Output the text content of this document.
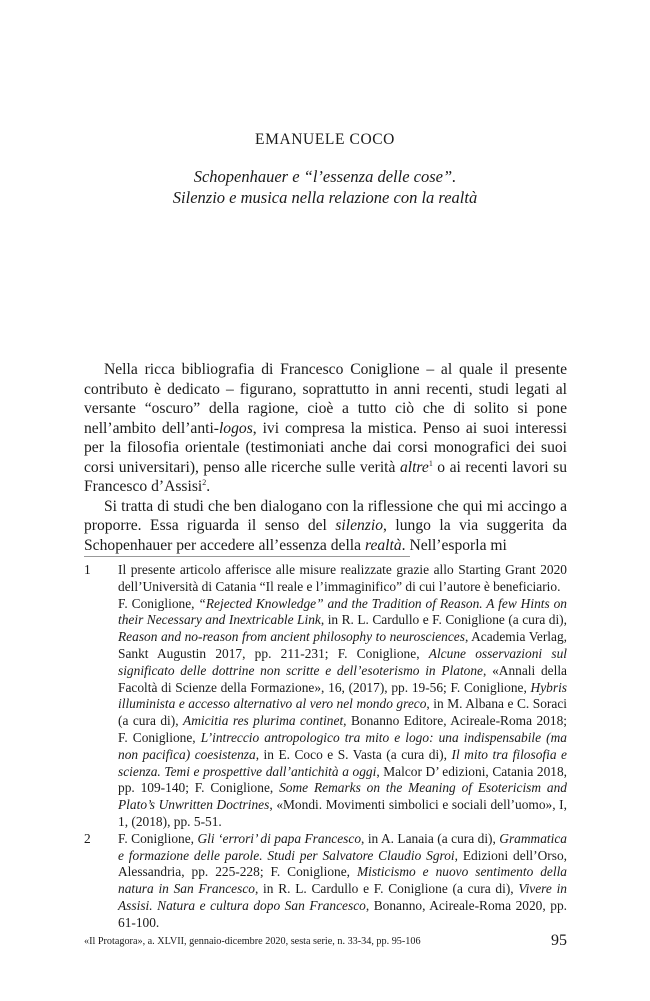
EMANUELE COCO
Schopenhauer e “l’essenza delle cose”.
Silenzio e musica nella relazione con la realtà

Nella ricca bibliografia di Francesco Coniglione – al quale il presente contributo è dedicato – figurano, soprattutto in anni recenti, studi legati al versante “oscuro” della ragione, cioè a tutto ciò che di solito si pone nell’ambito dell’anti-logos, ivi compresa la mistica. Penso ai suoi interessi per la filosofia orientale (testimoniati anche dai corsi monografici dei suoi corsi universitari), penso alle ricerche sulle verità altre$^1$ o ai recenti lavori su Francesco d’Assisi$^2$.

Si tratta di studi che ben dialogano con la riflessione che qui mi accingo a proporre. Essa riguarda il senso del silenzio, lungo la via suggerita da Schopenhauer per accedere all’essenza della realtà. Nell’esporla mi

1	Il presente articolo afferisce alle misure realizzate grazie allo Starting Grant 2020 dell’Università di Catania “Il reale e l’immaginifico” di cui l’autore è beneficiario.

F. Coniglione, “Rejected Knowledge” and the Tradition of Reason. A few Hints on their Necessary and Inextricable Link, in R. L. Cardullo e F. Coniglione (a cura di), Reason and no-reason from ancient philosophy to neurosciences, Academia Verlag, Sankt Augustin 2017, pp. 211-231; F. Coniglione, Alcune osservazioni sul significato delle dottrine non scritte e dell’esoterismo in Platone, «Annali della Facoltà di Scienze della Formazione», 16, (2017), pp. 19-56; F. Coniglione, Hybris illuminista e accesso alternativo al vero nel mondo greco, in M. Albana e C. Soraci (a cura di), Amicitia res plurima continet, Bonanno Editore, Acireale-Roma 2018; F. Coniglione, L’intreccio antropologico tra mito e logo: una indispensabile (ma non pacifica) coesistenza, in E. Coco e S. Vasta (a cura di), Il mito tra filosofia e scienza. Temi e prospettive dall’antichità a oggi, Malcor D’ edizioni, Catania 2018, pp. 109-140; F. Coniglione, Some Remarks on the Meaning of Esotericism and Plato’s Unwritten Doctrines, «Mondi. Movimenti simbolici e sociali dell’uomo», I, 1, (2018), pp. 5-51.

2	F. Coniglione, Gli ‘errori’ di papa Francesco, in A. Lanaia (a cura di), Grammatica e formazione delle parole. Studi per Salvatore Claudio Sgroi, Edizioni dell’Orso, Alessandria, pp. 225-228; F. Coniglione, Misticismo e nuovo sentimento della natura in San Francesco, in R. L. Cardullo e F. Coniglione (a cura di), Vivere in Assisi. Natura e cultura dopo San Francesco, Bonanno, Acireale-Roma 2020, pp. 61-100.

«Il Protagora», a. XLVII, gennaio-dicembre 2020, sesta serie, n. 33-34, pp. 95-106	95
